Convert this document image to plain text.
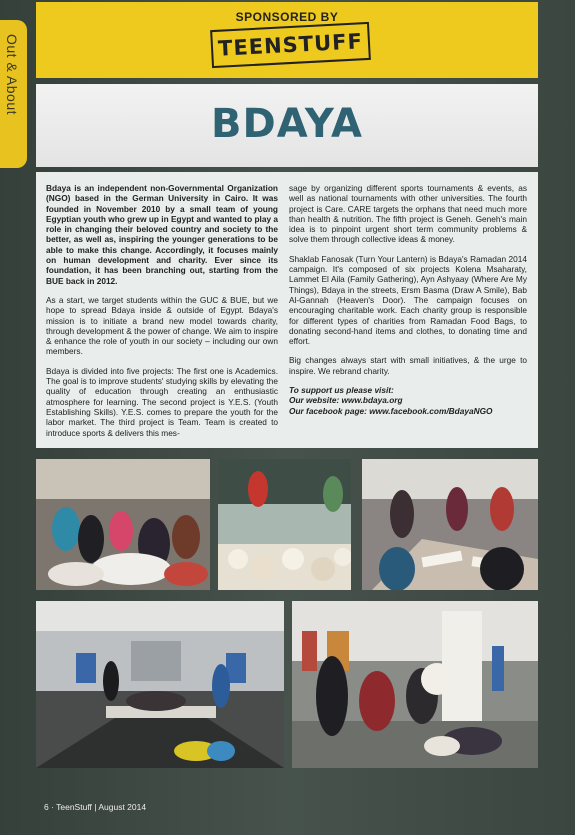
Out & About
SPONSORED BY
TEENSTUFF
BDAYA

Bdaya is an independent non-Governmental Organization (NGO) based in the German University in Cairo. It was founded in November 2010 by a small team of young Egyptian youth who grew up in Egypt and wanted to play a role in changing their beloved country and society to the better, as well as, inspiring the younger generations to be able to make this change. Accordingly, it focuses mainly on human development and charity. Ever since its foundation, it has been branching out, starting from the BUE back in 2012.

As a start, we target students within the GUC & BUE, but we hope to spread Bdaya inside & outside of Egypt. Bdaya's mission is to initiate a brand new model towards charity, through development & the power of change. We aim to inspire & enhance the role of youth in our society – including our own members.

Bdaya is divided into five projects: The first one is Academics. The goal is to improve students' studying skills by elevating the quality of education through creating an enthusiastic atmosphere for learning. The second project is Y.E.S. (Youth Establishing Skills). Y.E.S. comes to prepare the youth for the labor market. The third project is Team. Team is created to introduce sports & delivers this mes-

sage by organizing different sports tournaments & events, as well as national tournaments with other universities. The fourth project is Care. CARE targets the orphans that need much more than health & nutrition. The fifth project is Geneh. Geneh's main idea is to pinpoint urgent short term community problems & solve them through collective ideas & money.

Shaklab Fanosak (Turn Your Lantern) is Bdaya's Ramadan 2014 campaign. It's composed of six projects Kolena Msaharaty, Lammet El Aila (Family Gathering), Ayn Ashyaay (Where Are My Things), Bdaya in the streets, Ersm Basma (Draw A Smile), Bab Al-Gannah (Heaven's Door). The campaign focuses on encouraging charitable work. Each charity group is responsible for different types of charities from Ramadan Food Bags, to donating second-hand items and clothes, to donating time and effort.

Big changes always start with small initiatives, & the urge to inspire. We rebrand charity.

To support us please visit:
Our website: www.bdaya.org
Our facebook page: www.facebook.com/BdayaNGO
6 · TeenStuff | August 2014
